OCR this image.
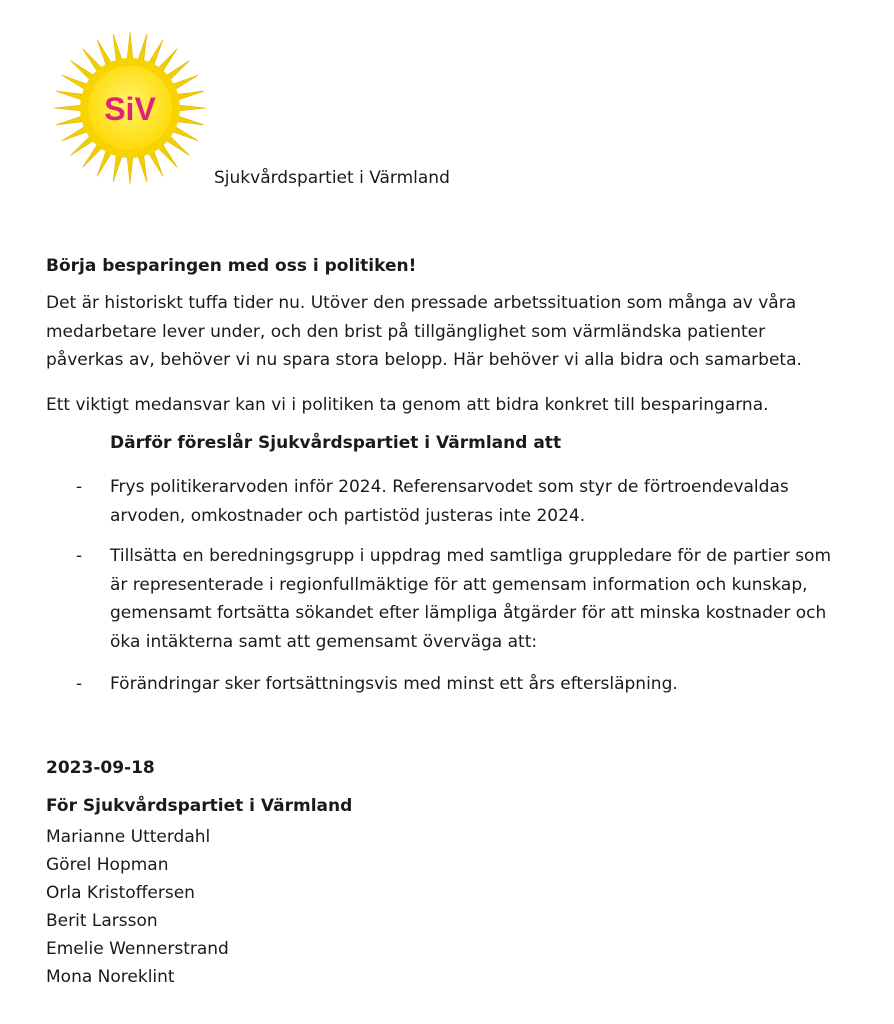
SiV
Sjukvårdspartiet i Värmland
Börja besparingen med oss i politiken!

Det är historiskt tuffa tider nu. Utöver den pressade arbetssituation som många av våra medarbetare lever under, och den brist på tillgänglighet som värmländska patienter påverkas av, behöver vi nu spara stora belopp. Här behöver vi alla bidra och samarbeta.

Ett viktigt medansvar kan vi i politiken ta genom att bidra konkret till besparingarna.

Därför föreslår Sjukvårdspartiet i Värmland att
- Frys politikerarvoden inför 2024. Referensarvodet som styr de förtroendevaldas arvoden, omkostnader och partistöd justeras inte 2024.
- Tillsätta en beredningsgrupp i uppdrag med samtliga gruppledare för de partier som är representerade i regionfullmäktige för att gemensam information och kunskap, gemensamt fortsätta sökandet efter lämpliga åtgärder för att minska kostnader och öka intäkterna samt att gemensamt överväga att:
- Förändringar sker fortsättningsvis med minst ett års eftersläpning.
2023-09-18
För Sjukvårdspartiet i Värmland
Marianne Utterdahl
Görel Hopman
Orla Kristoffersen
Berit Larsson
Emelie Wennerstrand
Mona Noreklint
